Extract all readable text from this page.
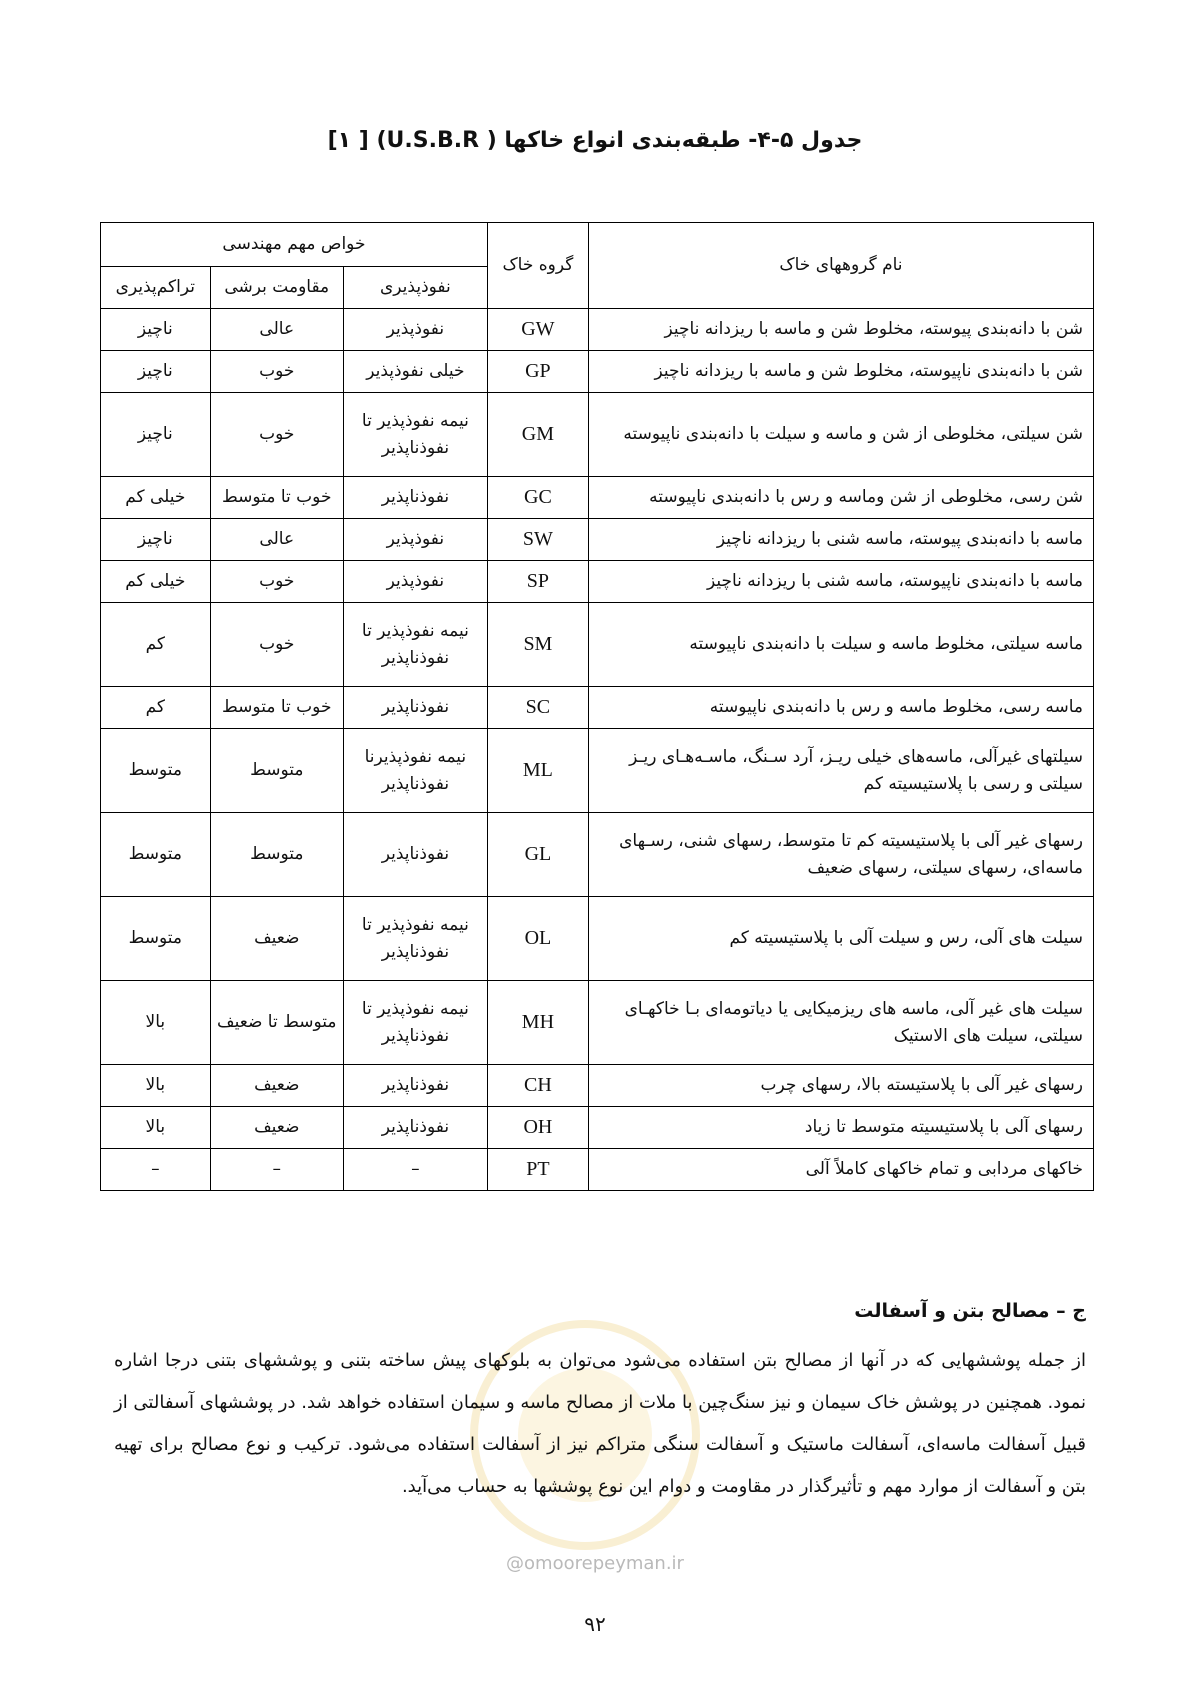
جدول ۵-۴- طبقه‌بندی انواع خاکها ( U.S.B.R) [ ۱]
نام گروههای خاک	گروه خاک	خواص مهم مهندسی		
		نفوذپذیری	مقاومت برشی	تراکم‌پذیری
شن با دانه‌بندی پیوسته، مخلوط شن و ماسه با ریزدانه ناچیز	GW	نفوذپذیر	عالی	ناچیز
شن با دانه‌بندی ناپیوسته، مخلوط شن و ماسه با ریزدانه ناچیز	GP	خیلی نفوذپذیر	خوب	ناچیز
شن سیلتی، مخلوطی از شن و ماسه و سیلت با دانه‌بندی ناپیوسته	GM	نیمه نفوذپذیر تا نفوذناپذیر	خوب	ناچیز
شن رسی، مخلوطی از شن وماسه و رس با دانه‌بندی ناپیوسته	GC	نفوذناپذیر	خوب تا متوسط	خیلی کم
ماسه با دانه‌بندی پیوسته، ماسه شنی با ریزدانه ناچیز	SW	نفوذپذیر	عالی	ناچیز
ماسه با دانه‌بندی ناپیوسته، ماسه شنی با ریزدانه ناچیز	SP	نفوذپذیر	خوب	خیلی کم
ماسه سیلتی، مخلوط ماسه و سیلت با دانه‌بندی ناپیوسته	SM	نیمه نفوذپذیر تا نفوذناپذیر	خوب	کم
ماسه رسی، مخلوط ماسه و رس با دانه‌بندی ناپیوسته	SC	نفوذناپذیر	خوب تا متوسط	کم
سیلتهای غیرآلی، ماسه‌های خیلی ریـز، آرد سـنگ، ماسـه‌هـای ریـز سیلتی و رسی با پلاستیسیته کم	ML	نیمه نفوذپذیرنا نفوذناپذیر	متوسط	متوسط
رسهای غیر آلی با پلاستیسیته کم تا متوسط، رسهای شنی، رسـهای ماسه‌ای، رسهای سیلتی، رسهای ضعیف	GL	نفوذناپذیر	متوسط	متوسط
سیلت های آلی، رس و سیلت آلی با پلاستیسیته کم	OL	نیمه نفوذپذیر تا نفوذناپذیر	ضعیف	متوسط
سیلت های غیر آلی، ماسه های ریزمیکایی یا دیاتومه‌ای بـا خاکهـای سیلتی، سیلت های الاستیک	MH	نیمه نفوذپذیر تا نفوذناپذیر	متوسط تا ضعیف	بالا
رسهای غیر آلی با پلاستیسته بالا، رسهای چرب	CH	نفوذناپذیر	ضعیف	بالا
رسهای آلی با پلاستیسیته متوسط تا زیاد	OH	نفوذناپذیر	ضعیف	بالا
خاکهای مردابی و تمام خاکهای کاملاً آلی	PT	–	–	–
ج – مصالح بتن و آسفالت
از جمله پوششهایی که در آنها از مصالح بتن استفاده می‌شود می‌توان به بلوکهای پیش ساخته بتنی و پوششهای بتنی درجا اشاره نمود. همچنین در پوشش خاک سیمان و نیز سنگ‌چین با ملات از مصالح ماسه و سیمان استفاده خواهد شد. در پوششهای آسفالتی از قبیل آسفالت ماسه‌ای، آسفالت ماستیک و آسفالت سنگی متراکم نیز از آسفالت استفاده می‌شود. ترکیب و نوع مصالح برای تهیه بتن و آسفالت از موارد مهم و تأثیرگذار در مقاومت و دوام این نوع پوششها به حساب می‌آید.
@omoorepeyman.ir
۹۲
